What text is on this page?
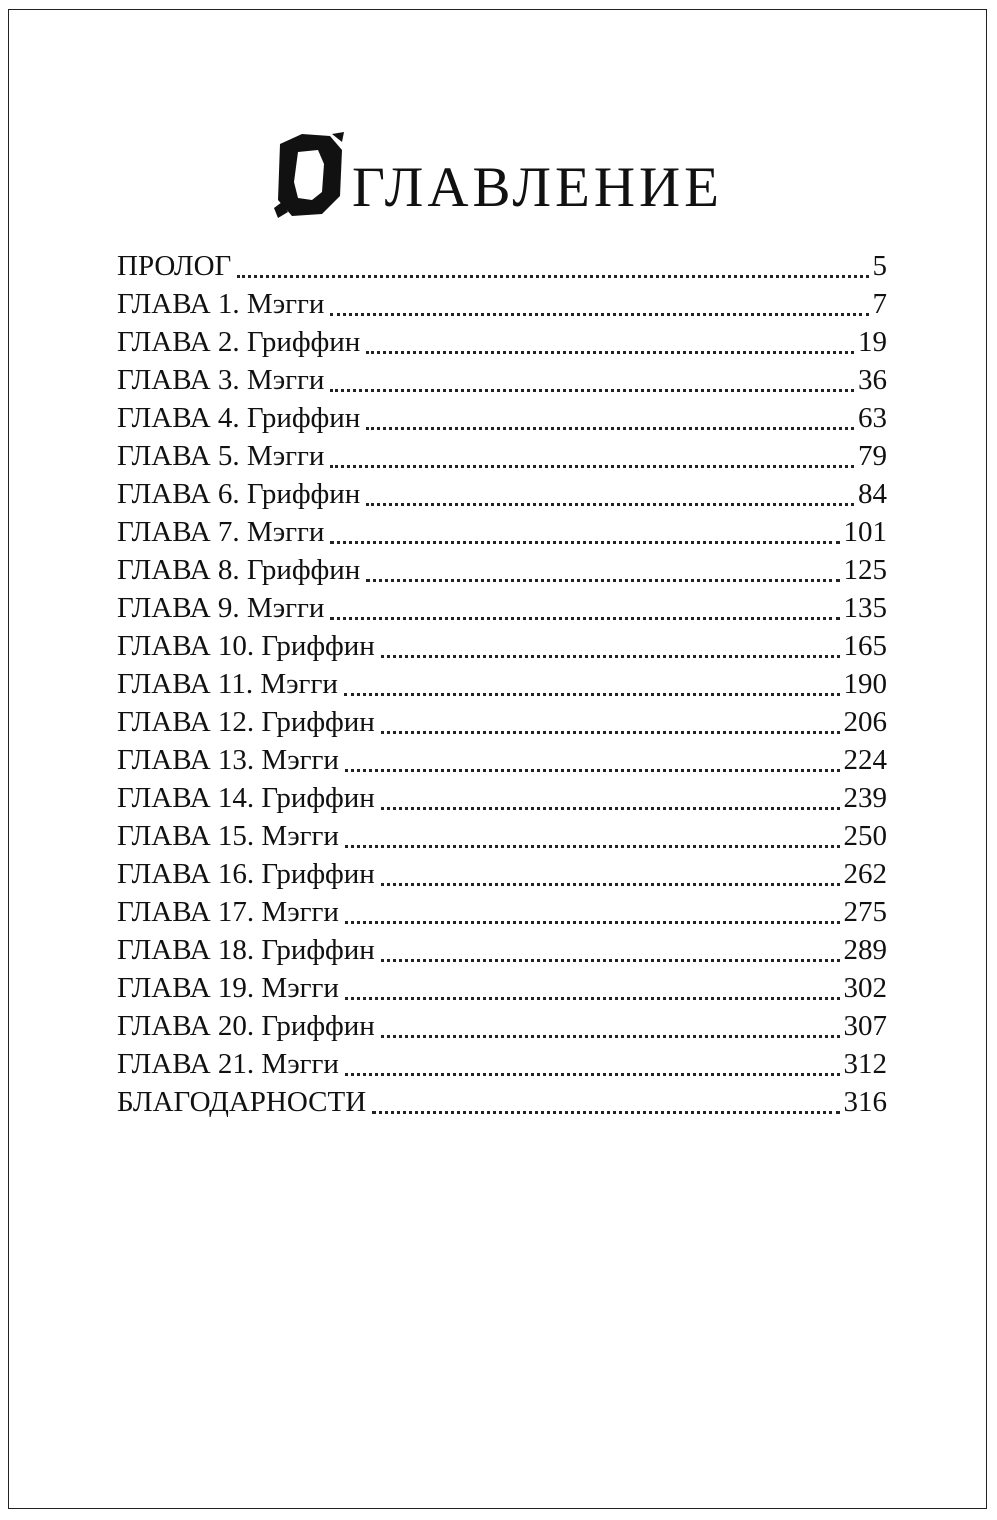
главление
ПРОЛОГ	5
ГЛАВА 1. Мэгги	7
ГЛАВА 2. Гриффин	19
ГЛАВА 3. Мэгги	36
ГЛАВА 4. Гриффин	63
ГЛАВА 5. Мэгги	79
ГЛАВА 6. Гриффин	84
ГЛАВА 7. Мэгги	101
ГЛАВА 8. Гриффин	125
ГЛАВА 9. Мэгги	135
ГЛАВА 10. Гриффин	165
ГЛАВА 11. Мэгги	190
ГЛАВА 12. Гриффин	206
ГЛАВА 13. Мэгги	224
ГЛАВА 14. Гриффин	239
ГЛАВА 15. Мэгги	250
ГЛАВА 16. Гриффин	262
ГЛАВА 17. Мэгги	275
ГЛАВА 18. Гриффин	289
ГЛАВА 19. Мэгги	302
ГЛАВА 20. Гриффин	307
ГЛАВА 21. Мэгги	312
БЛАГОДАРНОСТИ	316
